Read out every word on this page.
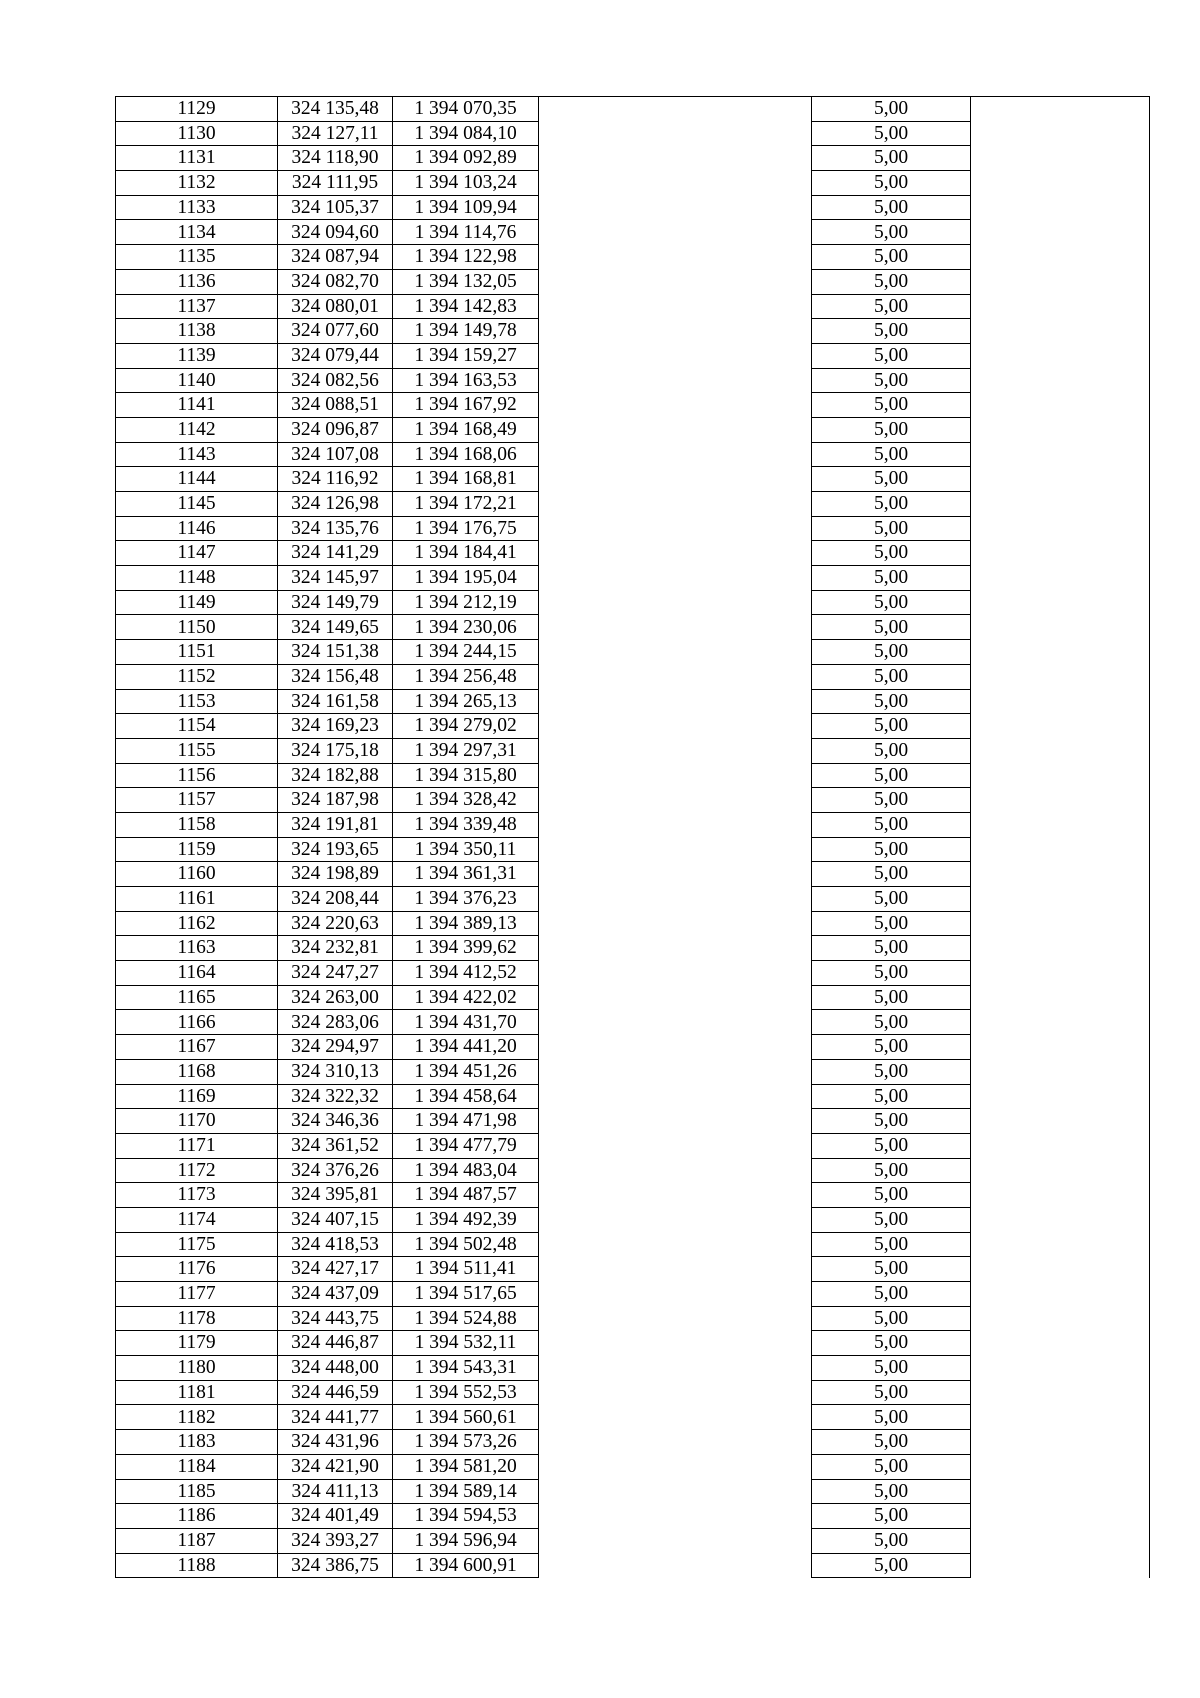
1129	324 135,48	1 394 070,35		5,00	
1130	324 127,11	1 394 084,10		5,00	
1131	324 118,90	1 394 092,89		5,00	
1132	324 111,95	1 394 103,24		5,00	
1133	324 105,37	1 394 109,94		5,00	
1134	324 094,60	1 394 114,76		5,00	
1135	324 087,94	1 394 122,98		5,00	
1136	324 082,70	1 394 132,05		5,00	
1137	324 080,01	1 394 142,83		5,00	
1138	324 077,60	1 394 149,78		5,00	
1139	324 079,44	1 394 159,27		5,00	
1140	324 082,56	1 394 163,53		5,00	
1141	324 088,51	1 394 167,92		5,00	
1142	324 096,87	1 394 168,49		5,00	
1143	324 107,08	1 394 168,06		5,00	
1144	324 116,92	1 394 168,81		5,00	
1145	324 126,98	1 394 172,21		5,00	
1146	324 135,76	1 394 176,75		5,00	
1147	324 141,29	1 394 184,41		5,00	
1148	324 145,97	1 394 195,04		5,00	
1149	324 149,79	1 394 212,19		5,00	
1150	324 149,65	1 394 230,06		5,00	
1151	324 151,38	1 394 244,15		5,00	
1152	324 156,48	1 394 256,48		5,00	
1153	324 161,58	1 394 265,13		5,00	
1154	324 169,23	1 394 279,02		5,00	
1155	324 175,18	1 394 297,31		5,00	
1156	324 182,88	1 394 315,80		5,00	
1157	324 187,98	1 394 328,42		5,00	
1158	324 191,81	1 394 339,48		5,00	
1159	324 193,65	1 394 350,11		5,00	
1160	324 198,89	1 394 361,31		5,00	
1161	324 208,44	1 394 376,23		5,00	
1162	324 220,63	1 394 389,13		5,00	
1163	324 232,81	1 394 399,62		5,00	
1164	324 247,27	1 394 412,52		5,00	
1165	324 263,00	1 394 422,02		5,00	
1166	324 283,06	1 394 431,70		5,00	
1167	324 294,97	1 394 441,20		5,00	
1168	324 310,13	1 394 451,26		5,00	
1169	324 322,32	1 394 458,64		5,00	
1170	324 346,36	1 394 471,98		5,00	
1171	324 361,52	1 394 477,79		5,00	
1172	324 376,26	1 394 483,04		5,00	
1173	324 395,81	1 394 487,57		5,00	
1174	324 407,15	1 394 492,39		5,00	
1175	324 418,53	1 394 502,48		5,00	
1176	324 427,17	1 394 511,41		5,00	
1177	324 437,09	1 394 517,65		5,00	
1178	324 443,75	1 394 524,88		5,00	
1179	324 446,87	1 394 532,11		5,00	
1180	324 448,00	1 394 543,31		5,00	
1181	324 446,59	1 394 552,53		5,00	
1182	324 441,77	1 394 560,61		5,00	
1183	324 431,96	1 394 573,26		5,00	
1184	324 421,90	1 394 581,20		5,00	
1185	324 411,13	1 394 589,14		5,00	
1186	324 401,49	1 394 594,53		5,00	
1187	324 393,27	1 394 596,94		5,00	
1188	324 386,75	1 394 600,91		5,00	
